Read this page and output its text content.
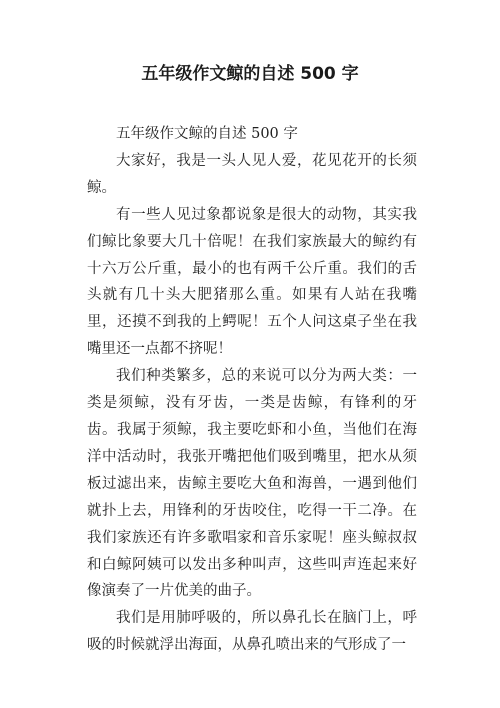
五年级作文鲸的自述 500 字

五年级作文鲸的自述 500 字

大家好，我是一头人见人爱，花见花开的长须鲸。

有一些人见过象都说象是很大的动物，其实我们鲸比象要大几十倍呢！在我们家族最大的鲸约有十六万公斤重，最小的也有两千公斤重。我们的舌头就有几十头大肥猪那么重。如果有人站在我嘴里，还摸不到我的上鳄呢！五个人问这桌子坐在我嘴里还一点都不挤呢！

我们种类繁多，总的来说可以分为两大类：一类是须鲸，没有牙齿，一类是齿鲸，有锋利的牙齿。我属于须鲸，我主要吃虾和小鱼，当他们在海洋中活动时，我张开嘴把他们吸到嘴里，把水从须板过滤出来，齿鲸主要吃大鱼和海兽，一遇到他们就扑上去，用锋利的牙齿咬住，吃得一干二净。在我们家族还有许多歌唱家和音乐家呢！座头鲸叔叔和白鲸阿姨可以发出多种叫声，这些叫声连起来好像演奏了一片优美的曲子。

我们是用肺呼吸的，所以鼻孔长在脑门上，呼吸的时候就浮出海面，从鼻孔喷出来的气形成了一
